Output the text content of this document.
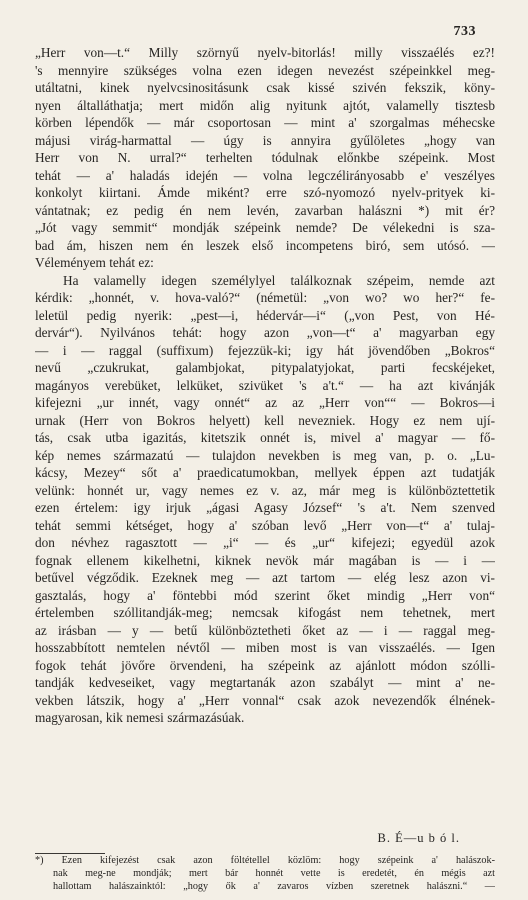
733
„Herr von—t.“ Milly szörnyű nyelv-bitorlás! milly visszaélés ez?!
's mennyire szükséges volna ezen idegen nevezést szépeinkkel meg-
utáltatni, kinek nyelvcsinositásunk csak kissé szivén fekszik, köny-
nyen általláthatja; mert midőn alig nyitunk ajtót, valamelly tisztesb
körben lépendők — már csoportosan — mint a' szorgalmas méhecske
májusi virág-harmattal — úgy is annyira gyűlöletes „hogy van
Herr von N. urral?“ terhelten tódulnak előnkbe szépeink. Most
tehát — a' haladás idején — volna legczélirányosabb e' veszélyes
konkolyt kiirtani. Ámde miként? erre szó-nyomozó nyelv-prityek ki-
vántatnak; ez pedig én nem levén, zavarban halászni *) mit ér?
„Jót vagy semmit“ mondják szépeink nemde? De vélekedni is sza-
bad ám, hiszen nem én leszek első incompetens biró, sem utósó. —
Véleményem tehát ez:
Ha valamelly idegen személylyel találkoznak szépeim, nemde azt
kérdik: „honnét, v. hova-való?“ (németül: „von wo? wo her?“ fe-
leletül pedig nyerik: „pest—i, hédervár—i“ („von Pest, von Hé-
dervár“). Nyilvános tehát: hogy azon „von—t“ a' magyarban egy
— i — raggal (suffixum) fejezzük-ki; igy hát jövendőben „Bokros“
nevű „czukrukat, galambjokat, pitypalatyjokat, parti fecskéjeket,
magányos verebüket, lelküket, szivüket 's a't.“ — ha azt kivánják
kifejezni „ur innét, vagy onnét“ az az „Herr von““ — Bokros—i
urnak (Herr von Bokros helyett) kell nevezniek. Hogy ez nem ují-
tás, csak utba igazitás, kitetszik onnét is, mivel a' magyar — fő-
kép nemes származatú — tulajdon nevekben is meg van, p. o. „Lu-
kácsy, Mezey“ sőt a' praedicatumokban, mellyek éppen azt tudatják
velünk: honnét ur, vagy nemes ez v. az, már meg is különböztettetik
ezen értelem: igy irjuk „ágasi Agasy József“ 's a't. Nem szenved
tehát semmi kétséget, hogy a' szóban levő „Herr von—t“ a' tulaj-
don névhez ragasztott — „i“ — és „ur“ kifejezi; egyedül azok
fognak ellenem kikelhetni, kiknek nevök már magában is — i —
betűvel végződik. Ezeknek meg — azt tartom — elég lesz azon vi-
gasztalás, hogy a' föntebbi mód szerint őket mindig „Herr von“
értelemben szóllitandják-meg; nemcsak kifogást nem tehetnek, mert
az irásban — y — betű különböztetheti őket az — i — raggal meg-
hosszabbított nemtelen névtől — miben most is van visszaélés. — Igen
fogok tehát jövőre örvendeni, ha szépeink az ajánlott módon szólli-
tandják kedveseiket, vagy megtartanák azon szabályt — mint a' ne-
vekben látszik, hogy a' „Herr vonnal“ csak azok nevezendők élnének-
magyarosan, kik nemesi származásúak.
B. É—u b ó l.
*) Ezen kifejezést csak azon föltétellel közlöm: hogy szépeink a' halászok-
nak meg-ne mondják; mert bár honnét vette is eredetét, én mégis azt
hallottam halászainktól: „hogy ők a' zavaros vízben szeretnek halászni.“ —
